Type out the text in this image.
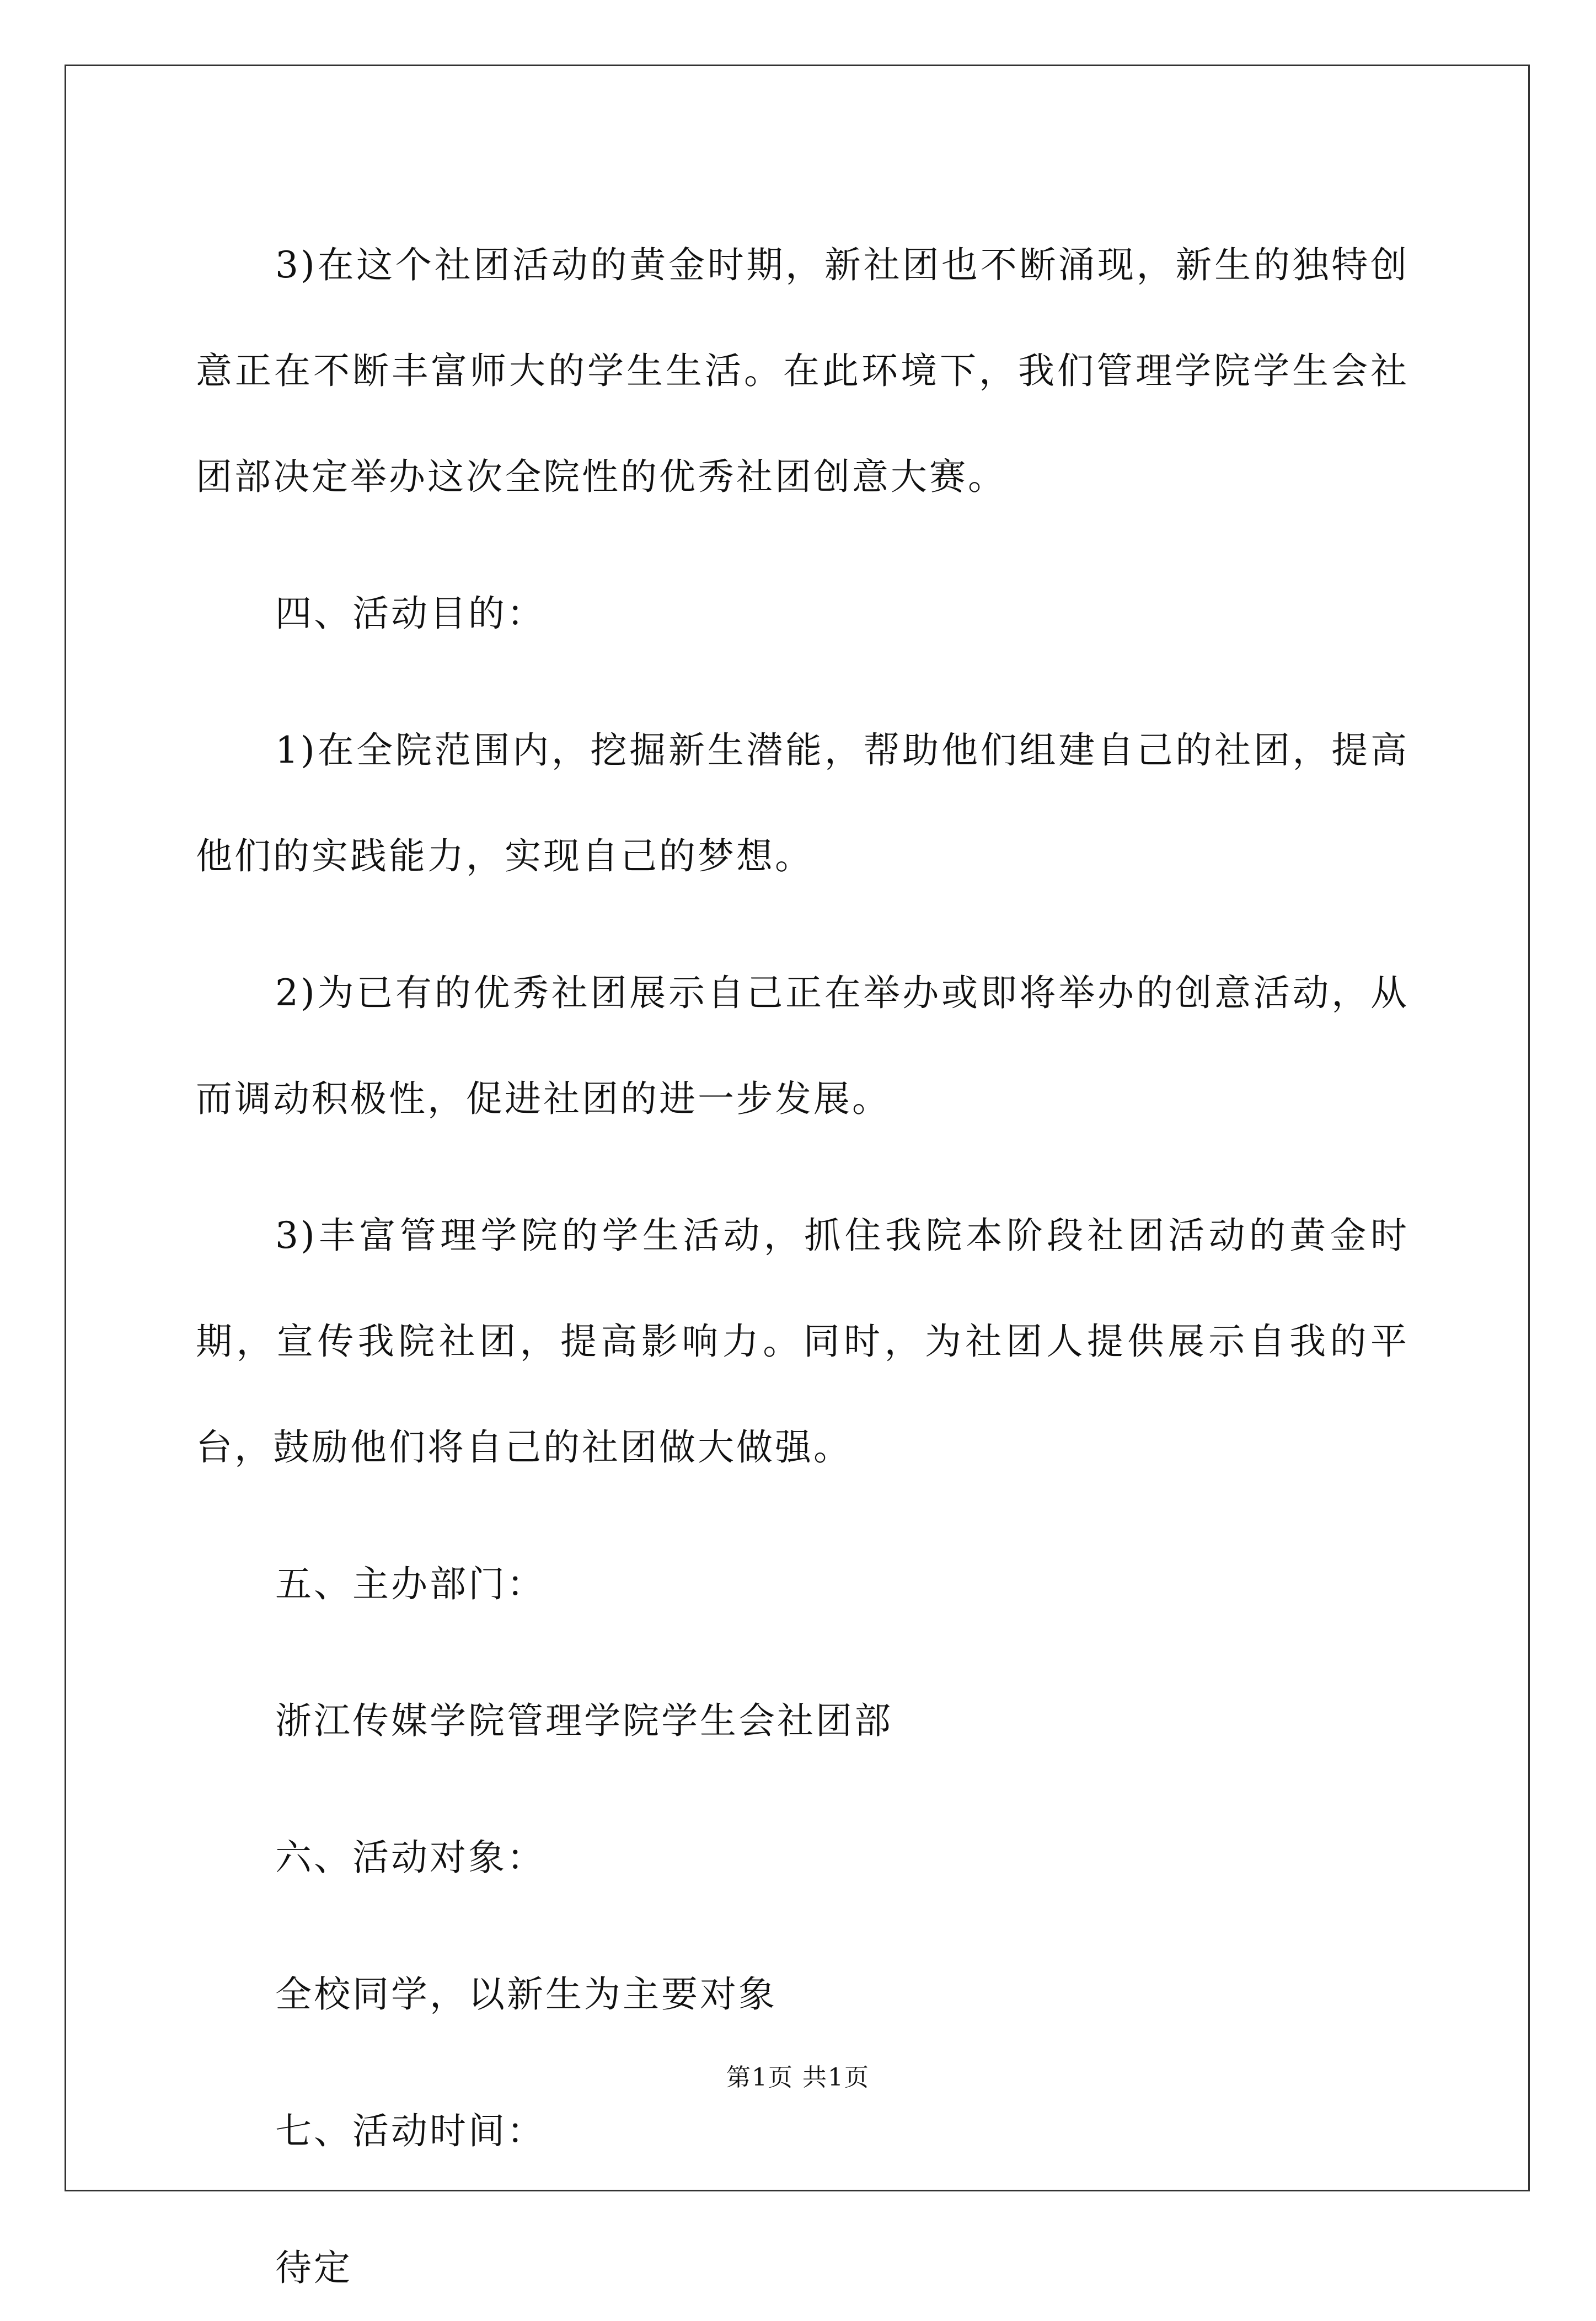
3)在这个社团活动的黄金时期，新社团也不断涌现，新生的独特创意正在不断丰富师大的学生生活。在此环境下，我们管理学院学生会社团部决定举办这次全院性的优秀社团创意大赛。

四、活动目的：

1)在全院范围内，挖掘新生潜能，帮助他们组建自己的社团，提高他们的实践能力，实现自己的梦想。

2)为已有的优秀社团展示自己正在举办或即将举办的创意活动，从而调动积极性，促进社团的进一步发展。

3)丰富管理学院的学生活动，抓住我院本阶段社团活动的黄金时期，宣传我院社团，提高影响力。同时，为社团人提供展示自我的平台，鼓励他们将自己的社团做大做强。

五、主办部门：

浙江传媒学院管理学院学生会社团部

六、活动对象：

全校同学，以新生为主要对象

七、活动时间：

待定

第1页 共1页
